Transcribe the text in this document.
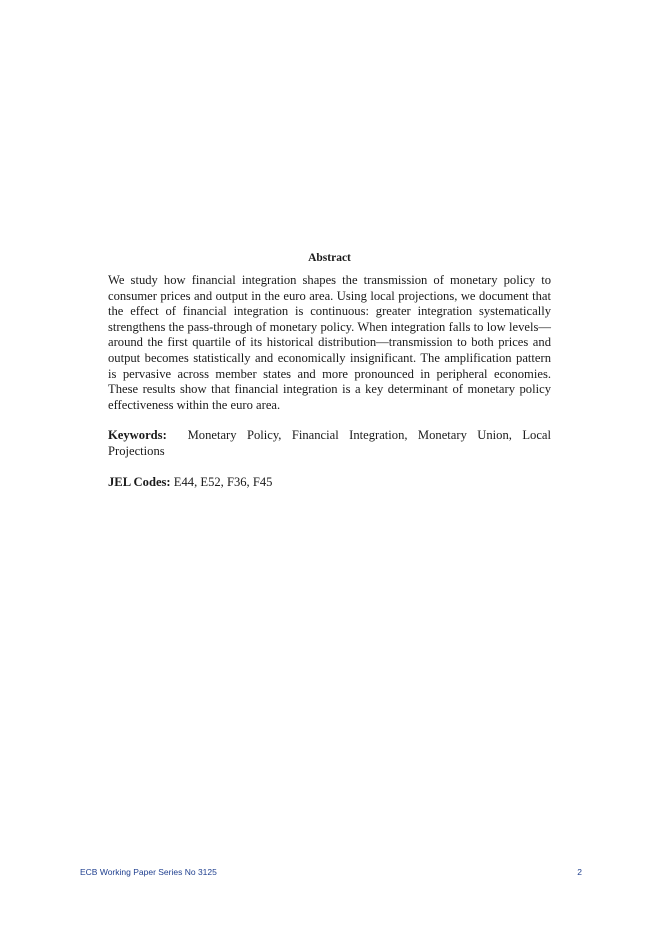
Abstract

We study how financial integration shapes the transmission of monetary policy to consumer prices and output in the euro area. Using local projections, we document that the effect of financial integration is continuous: greater integration systematically strengthens the pass-through of monetary policy. When integration falls to low levels—around the first quartile of its historical distribution—transmission to both prices and output becomes statistically and economically insignificant. The amplification pattern is pervasive across member states and more pronounced in peripheral economies. These results show that financial integration is a key determinant of monetary policy effectiveness within the euro area.

Keywords: Monetary Policy, Financial Integration, Monetary Union, Local Projections
JEL Codes: E44, E52, F36, F45
ECB Working Paper Series No 3125	2
